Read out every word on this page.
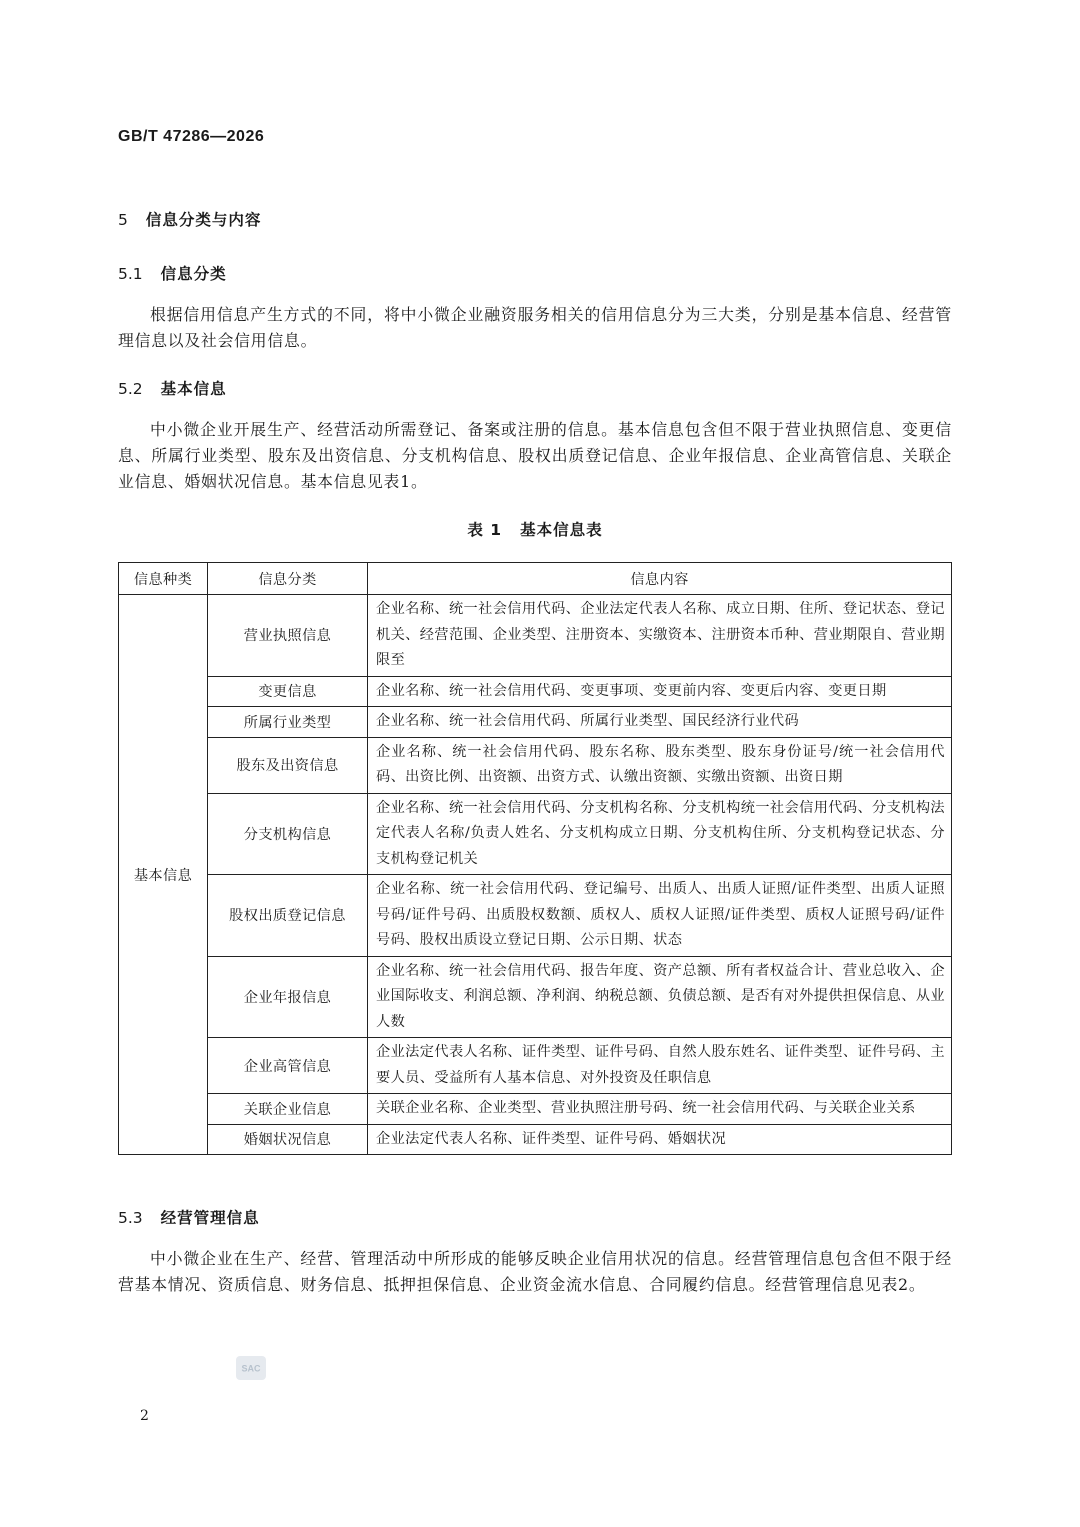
GB/T 47286—2026
5 信息分类与内容
5.1 信息分类
根据信用信息产生方式的不同，将中小微企业融资服务相关的信用信息分为三大类，分别是基本信息、经营管理信息以及社会信用信息。
5.2 基本信息
中小微企业开展生产、经营活动所需登记、备案或注册的信息。基本信息包含但不限于营业执照信息、变更信息、所属行业类型、股东及出资信息、分支机构信息、股权出质登记信息、企业年报信息、企业高管信息、关联企业信息、婚姻状况信息。基本信息见表1。
表 1 基本信息表
信息种类	信息分类	信息内容
基本信息	营业执照信息	企业名称、统一社会信用代码、企业法定代表人名称、成立日期、住所、登记状态、登记机关、经营范围、企业类型、注册资本、实缴资本、注册资本币种、营业期限自、营业期限至
	变更信息	企业名称、统一社会信用代码、变更事项、变更前内容、变更后内容、变更日期
	所属行业类型	企业名称、统一社会信用代码、所属行业类型、国民经济行业代码
	股东及出资信息	企业名称、统一社会信用代码、股东名称、股东类型、股东身份证号/统一社会信用代码、出资比例、出资额、出资方式、认缴出资额、实缴出资额、出资日期
	分支机构信息	企业名称、统一社会信用代码、分支机构名称、分支机构统一社会信用代码、分支机构法定代表人名称/负责人姓名、分支机构成立日期、分支机构住所、分支机构登记状态、分支机构登记机关
	股权出质登记信息	企业名称、统一社会信用代码、登记编号、出质人、出质人证照/证件类型、出质人证照号码/证件号码、出质股权数额、质权人、质权人证照/证件类型、质权人证照号码/证件号码、股权出质设立登记日期、公示日期、状态
	企业年报信息	企业名称、统一社会信用代码、报告年度、资产总额、所有者权益合计、营业总收入、企业国际收支、利润总额、净利润、纳税总额、负债总额、是否有对外提供担保信息、从业人数
	企业高管信息	企业法定代表人名称、证件类型、证件号码、自然人股东姓名、证件类型、证件号码、主要人员、受益所有人基本信息、对外投资及任职信息
	关联企业信息	关联企业名称、企业类型、营业执照注册号码、统一社会信用代码、与关联企业关系
	婚姻状况信息	企业法定代表人名称、证件类型、证件号码、婚姻状况
5.3 经营管理信息
中小微企业在生产、经营、管理活动中所形成的能够反映企业信用状况的信息。经营管理信息包含但不限于经营基本情况、资质信息、财务信息、抵押担保信息、企业资金流水信息、合同履约信息。经营管理信息见表2。
SAC
2
